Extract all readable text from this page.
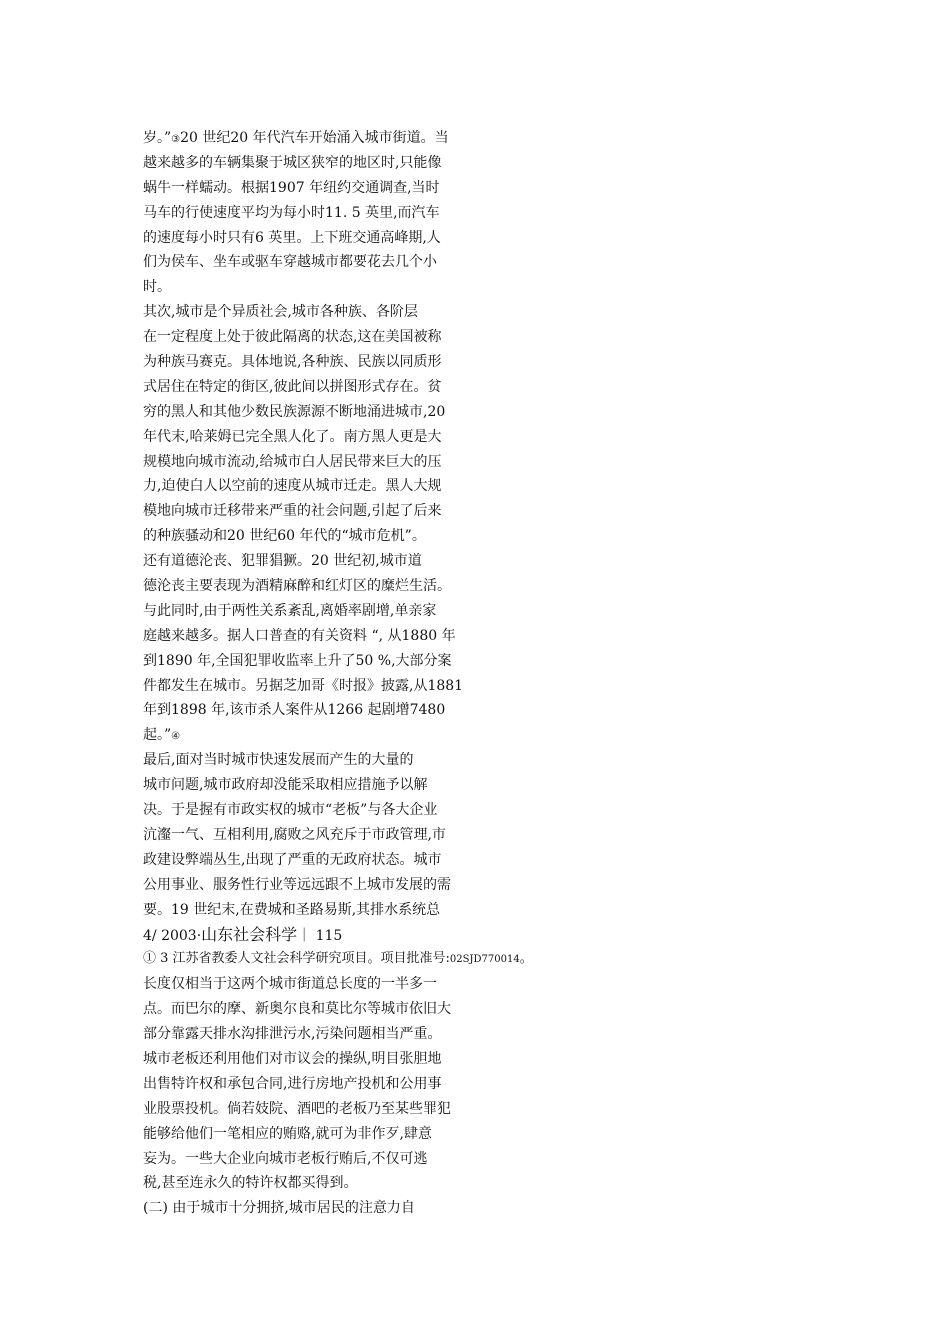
岁。”③20 世纪20 年代汽车开始涌入城市街道。当
越来越多的车辆集聚于城区狭窄的地区时,只能像
蜗牛一样蠕动。根据1907 年纽约交通调查,当时
马车的行使速度平均为每小时11. 5 英里,而汽车
的速度每小时只有6 英里。上下班交通高峰期,人
们为侯车、坐车或驱车穿越城市都要花去几个小
时。
其次,城市是个异质社会,城市各种族、各阶层
在一定程度上处于彼此隔离的状态,这在美国被称
为种族马赛克。具体地说,各种族、民族以同质形
式居住在特定的街区,彼此间以拼图形式存在。贫
穷的黑人和其他少数民族源源不断地涌进城市,20
年代末,哈莱姆已完全黑人化了。南方黑人更是大
规模地向城市流动,给城市白人居民带来巨大的压
力,迫使白人以空前的速度从城市迁走。黑人大规
模地向城市迁移带来严重的社会问题,引起了后来
的种族骚动和20 世纪60 年代的“城市危机”。
还有道德沦丧、犯罪猖獗。20 世纪初,城市道
德沦丧主要表现为酒精麻醉和红灯区的糜烂生活。
与此同时,由于两性关系紊乱,离婚率剧增,单亲家
庭越来越多。据人口普查的有关资料 “, 从1880 年
到1890 年,全国犯罪收监率上升了50 %,大部分案
件都发生在城市。另据芝加哥《时报》披露,从1881
年到1898 年,该市杀人案件从1266 起剧增7480
起。”④
最后,面对当时城市快速发展而产生的大量的
城市问题,城市政府却没能采取相应措施予以解
决。于是握有市政实权的城市“老板”与各大企业
沆瀣一气、互相利用,腐败之风充斥于市政管理,市
政建设弊端丛生,出现了严重的无政府状态。城市
公用事业、服务性行业等远远跟不上城市发展的需
要。19 世纪末,在费城和圣路易斯,其排水系统总
4/ 2003·山东社会科学｜ 115
① 3 江苏省教委人文社会科学研究项目。项目批准号:02SJD770014。
长度仅相当于这两个城市街道总长度的一半多一
点。而巴尔的摩、新奥尔良和莫比尔等城市依旧大
部分靠露天排水沟排泄污水,污染问题相当严重。
城市老板还利用他们对市议会的操纵,明目张胆地
出售特许权和承包合同,进行房地产投机和公用事
业股票投机。倘若妓院、酒吧的老板乃至某些罪犯
能够给他们一笔相应的贿赂,就可为非作歹,肆意
妄为。一些大企业向城市老板行贿后,不仅可逃
税,甚至连永久的特许权都买得到。
(二) 由于城市十分拥挤,城市居民的注意力自
